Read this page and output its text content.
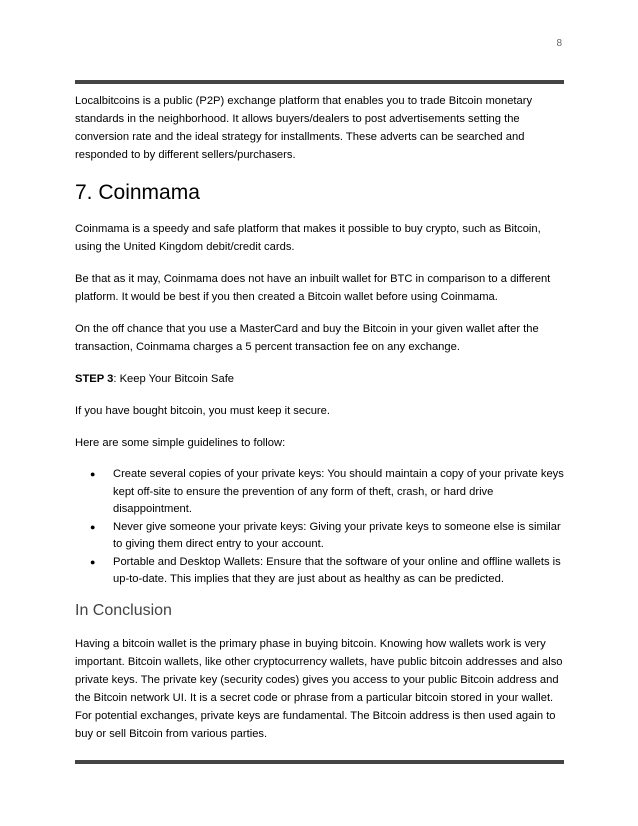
8

Localbitcoins is a public (P2P) exchange platform that enables you to trade Bitcoin monetary standards in the neighborhood. It allows buyers/dealers to post advertisements setting the conversion rate and the ideal strategy for installments. These adverts can be searched and responded to by different sellers/purchasers.

7. Coinmama

Coinmama is a speedy and safe platform that makes it possible to buy crypto, such as Bitcoin, using the United Kingdom debit/credit cards.

Be that as it may, Coinmama does not have an inbuilt wallet for BTC in comparison to a different platform. It would be best if you then created a Bitcoin wallet before using Coinmama.

On the off chance that you use a MasterCard and buy the Bitcoin in your given wallet after the transaction, Coinmama charges a 5 percent transaction fee on any exchange.

STEP 3: Keep Your Bitcoin Safe

If you have bought bitcoin, you must keep it secure.

Here are some simple guidelines to follow:

● Create several copies of your private keys: You should maintain a copy of your private keys kept off-site to ensure the prevention of any form of theft, crash, or hard drive disappointment.
● Never give someone your private keys: Giving your private keys to someone else is similar to giving them direct entry to your account.
● Portable and Desktop Wallets: Ensure that the software of your online and offline wallets is up-to-date. This implies that they are just about as healthy as can be predicted.
In Conclusion

Having a bitcoin wallet is the primary phase in buying bitcoin. Knowing how wallets work is very important. Bitcoin wallets, like other cryptocurrency wallets, have public bitcoin addresses and also private keys. The private key (security codes) gives you access to your public Bitcoin address and the Bitcoin network UI. It is a secret code or phrase from a particular bitcoin stored in your wallet. For potential exchanges, private keys are fundamental. The Bitcoin address is then used again to buy or sell Bitcoin from various parties.
